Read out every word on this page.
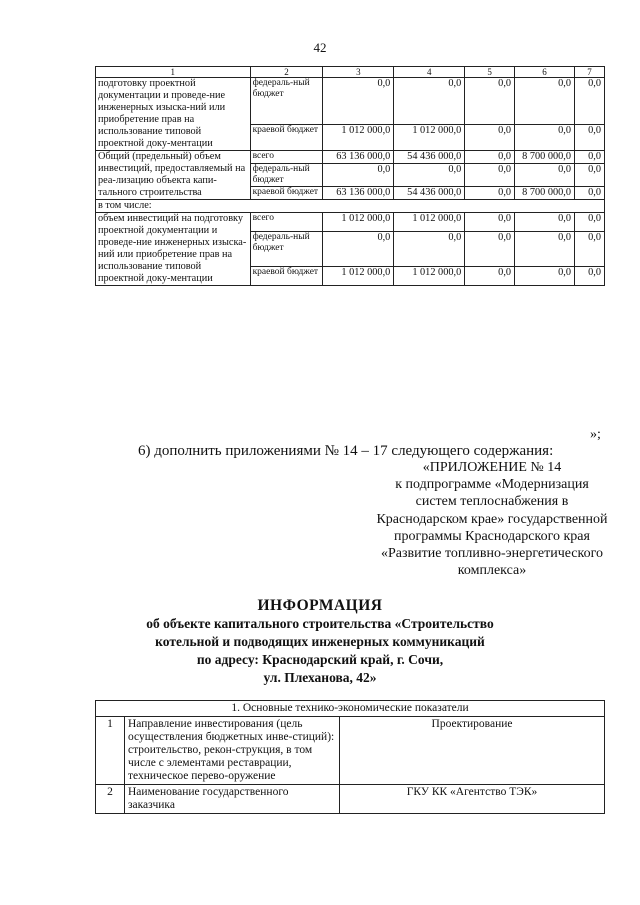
42
1	2	3	4	5	6	7
подготовку проектной документации и проведе-ние инженерных изыска-ний или приобретение прав на использование типовой проектной доку-ментации	федераль-ный бюджет	0,0	0,0	0,0	0,0	0,0
	краевой бюджет	1 012 000,0	1 012 000,0	0,0	0,0	0,0
Общий (предельный) объем инвестиций, предоставляемый на реа-лизацию объекта капи-тального строительства	всего	63 136 000,0	54 436 000,0	0,0	8 700 000,0	0,0
	федераль-ный бюджет	0,0	0,0	0,0	0,0	0,0
	краевой бюджет	63 136 000,0	54 436 000,0	0,0	8 700 000,0	0,0
в том числе:						
объем инвестиций на подготовку проектной документации и проведе-ние инженерных изыска-ний или приобретение прав на использование типовой проектной доку-ментации	всего	1 012 000,0	1 012 000,0	0,0	0,0	0,0
	федераль-ный бюджет	0,0	0,0	0,0	0,0	0,0
	краевой бюджет	1 012 000,0	1 012 000,0	0,0	0,0	0,0
»;
6) дополнить приложениями № 14 – 17 следующего содержания:
«ПРИЛОЖЕНИЕ № 14
к подпрограмме «Модернизация
систем теплоснабжения в
Краснодарском крае» государственной
программы Краснодарского края
«Развитие топливно-энергетического
комплекса»
ИНФОРМАЦИЯ
об объекте капитального строительства «Строительство
котельной и подводящих инженерных коммуникаций
по адресу: Краснодарский край, г. Сочи,
ул. Плеханова, 42»
1. Основные технико-экономические показатели		
1	Направление инвестирования (цель осуществления бюджетных инве-стиций): строительство, рекон-струкция, в том числе с элементами реставрации, техническое перево-оружение	Проектирование
2	Наименование государственного заказчика	ГКУ КК «Агентство ТЭК»
